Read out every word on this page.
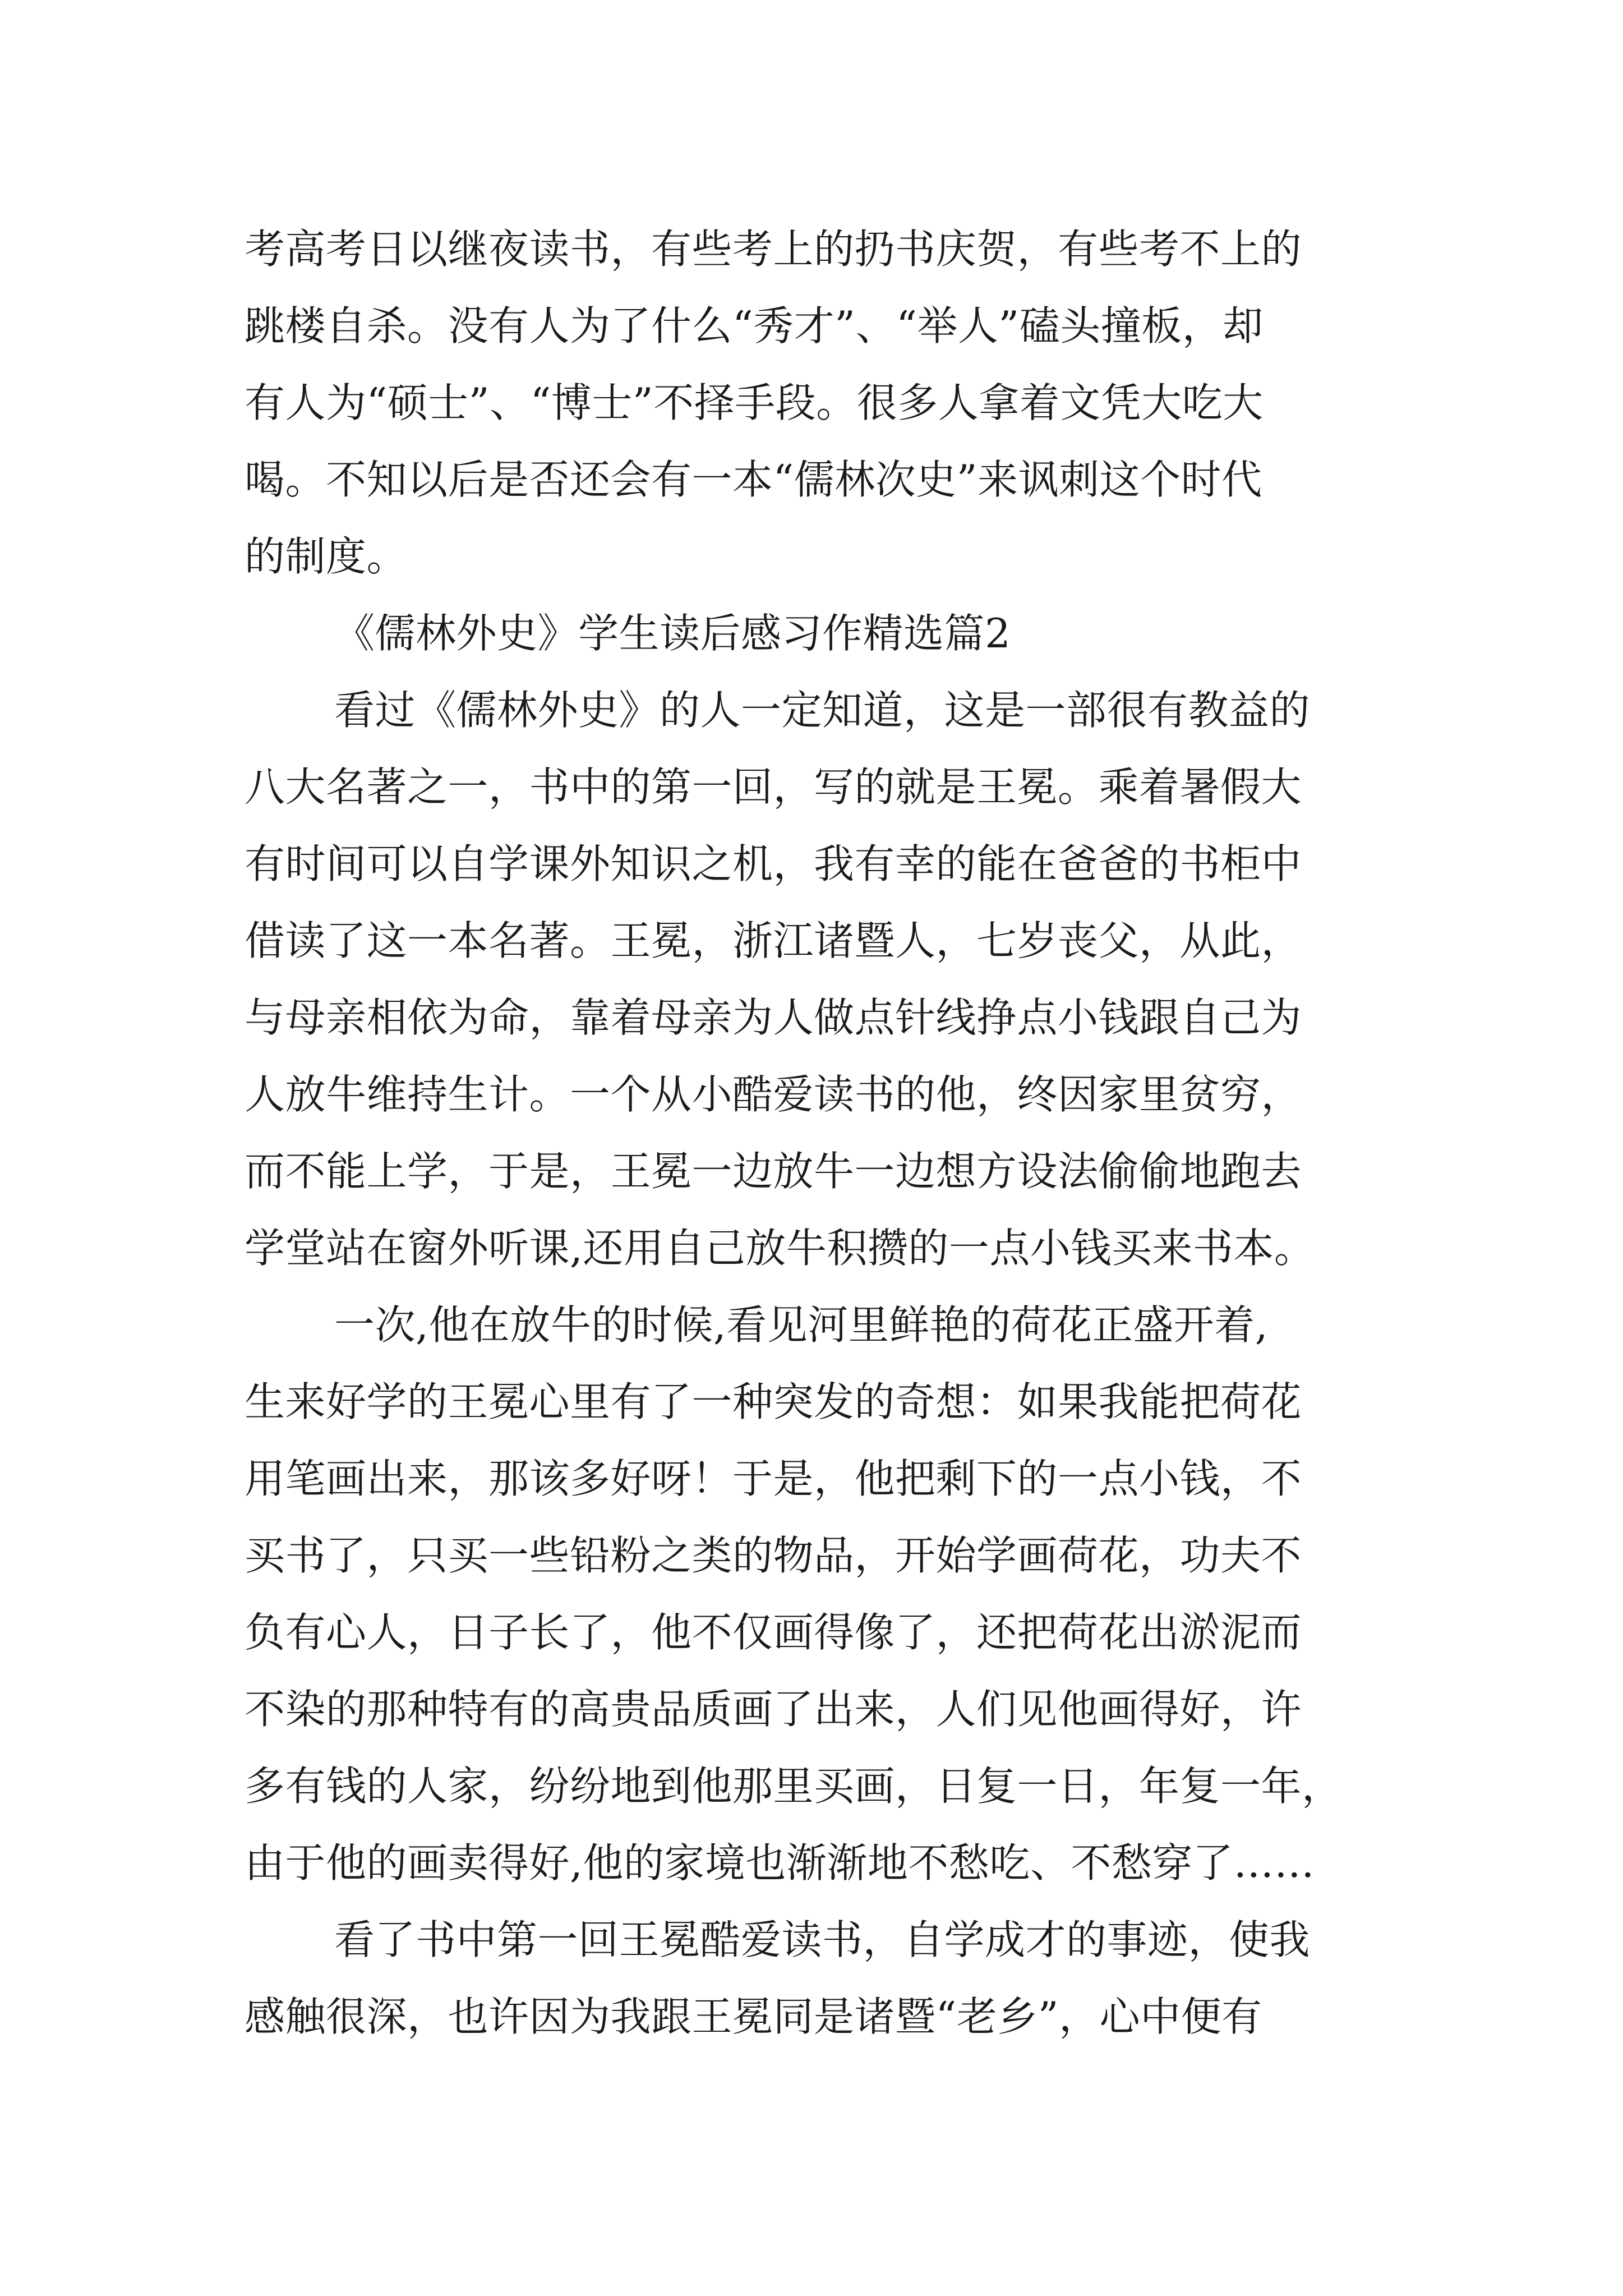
考高考日以继夜读书，有些考上的扔书庆贺，有些考不上的
跳楼自杀。没有人为了什么“秀才”、“举人”磕头撞板，却
有人为“硕士”、“博士”不择手段。很多人拿着文凭大吃大
喝。不知以后是否还会有一本“儒林次史”来讽刺这个时代
的制度。
《儒林外史》学生读后感习作精选篇2
看过《儒林外史》的人一定知道，这是一部很有教益的
八大名著之一，书中的第一回，写的就是王冕。乘着暑假大
有时间可以自学课外知识之机，我有幸的能在爸爸的书柜中
借读了这一本名著。王冕，浙江诸暨人，七岁丧父，从此，
与母亲相依为命，靠着母亲为人做点针线挣点小钱跟自己为
人放牛维持生计。一个从小酷爱读书的他，终因家里贫穷，
而不能上学，于是，王冕一边放牛一边想方设法偷偷地跑去
学堂站在窗外听课,还用自己放牛积攒的一点小钱买来书本。
一次,他在放牛的时候,看见河里鲜艳的荷花正盛开着,
生来好学的王冕心里有了一种突发的奇想：如果我能把荷花
用笔画出来，那该多好呀！于是，他把剩下的一点小钱，不
买书了，只买一些铅粉之类的物品，开始学画荷花，功夫不
负有心人，日子长了，他不仅画得像了，还把荷花出淤泥而
不染的那种特有的高贵品质画了出来，人们见他画得好，许
多有钱的人家，纷纷地到他那里买画，日复一日，年复一年，
由于他的画卖得好,他的家境也渐渐地不愁吃、不愁穿了……
看了书中第一回王冕酷爱读书，自学成才的事迹，使我
感触很深，也许因为我跟王冕同是诸暨“老乡”，心中便有
